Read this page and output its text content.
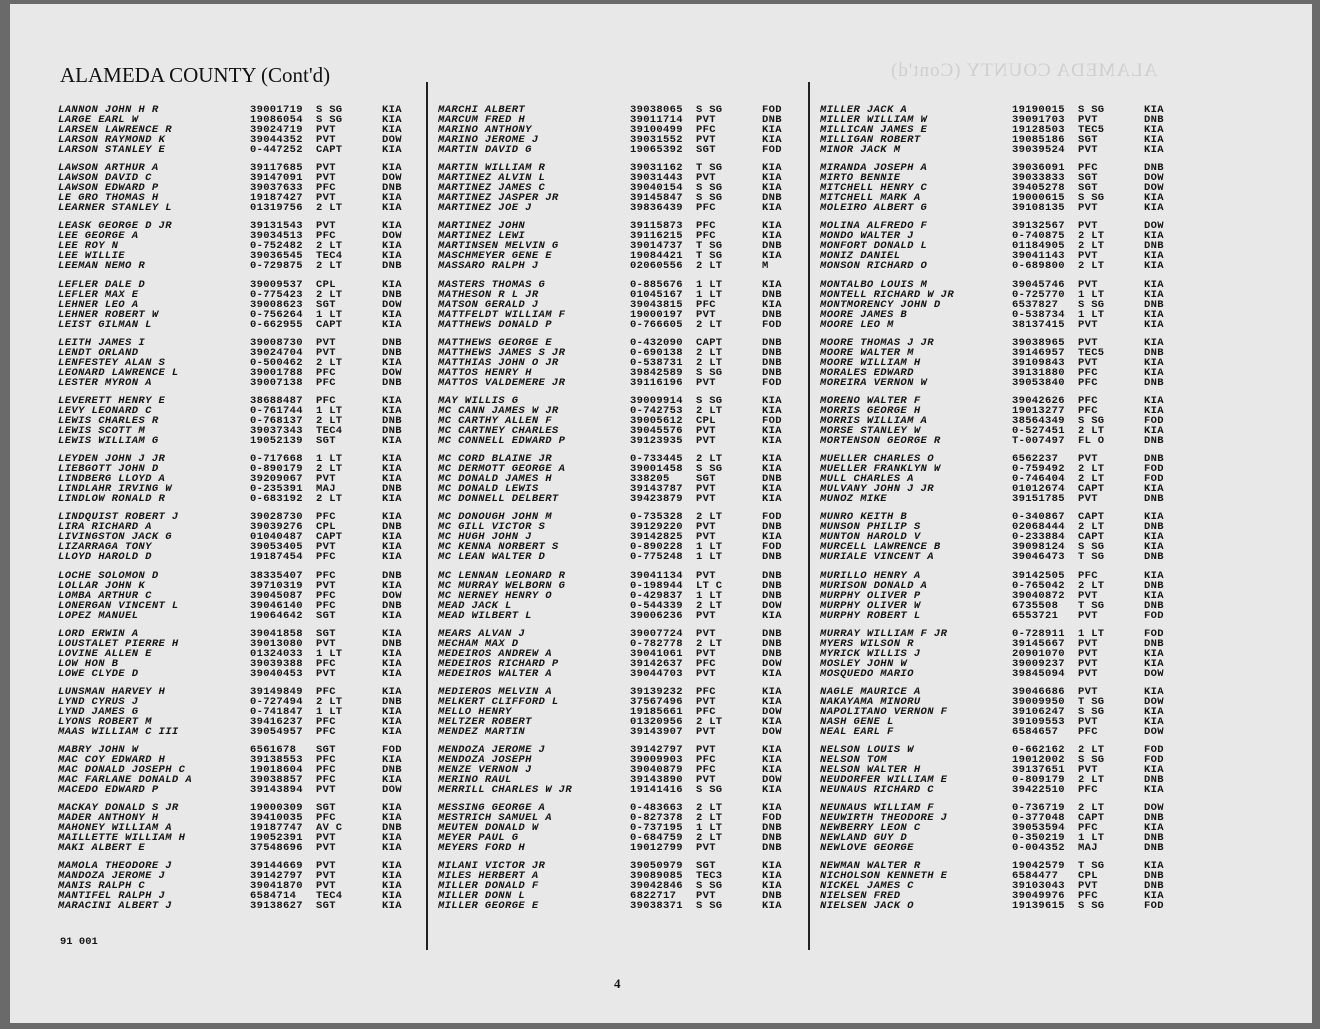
ALAMEDA COUNTY (Cont'd)	ALAMEDA COUNTY (Cont'd)
LANNON JOHN H R	39001719 S SG	KIA
LARGE EARL W	19086054 S SG	KIA
LARSEN LAWRENCE R	39024719 PVT	KIA
LARSON RAYMOND K	39044352 PVT	DOW
LARSON STANLEY E	0-447252 CAPT	KIA
LAWSON ARTHUR A	39117685 PVT	KIA
LAWSON DAVID C	39147091 PVT	DOW
LAWSON EDWARD P	39037633 PFC	DNB
LE GRO THOMAS H	19187427 PVT	KIA
LEARNER STANLEY L	01319756 2 LT	KIA
LEASK GEORGE D JR	39131543 PVT	KIA
LEE GEORGE A	39034513 PFC	DOW
LEE ROY N	0-752482 2 LT	KIA
LEE WILLIE	39036545 TEC4	KIA
LEEMAN NEMO R	0-729875 2 LT	DNB
LEFLER DALE D	39009537 CPL	KIA
LEFLER MAX E	0-775423 2 LT	DNB
LEHNER LEO A	39008623 SGT	DOW
LEHNER ROBERT W	0-756264 1 LT	KIA
LEIST GILMAN L	0-662955 CAPT	KIA
LEITH JAMES I	39008730 PVT	DNB
LENDT ORLAND	39024704 PVT	DNB
LENFESTEY ALAN S	0-500462 2 LT	KIA
LEONARD LAWRENCE L	39001788 PFC	DOW
LESTER MYRON A	39007138 PFC	DNB
LEVERETT HENRY E	38688487 PFC	KIA
LEVY LEONARD C	0-761744 1 LT	KIA
LEWIS CHARLES R	0-768137 2 LT	DNB
LEWIS SCOTT M	39037343 TEC4	DNB
LEWIS WILLIAM G	19052139 SGT	KIA
LEYDEN JOHN J JR	0-717668 1 LT	KIA
LIEBGOTT JOHN D	0-890179 2 LT	KIA
LINDBERG LLOYD A	39209067 PVT	KIA
LINDLAHR IRVING W	0-235391 MAJ	DNB
LINDLOW RONALD R	0-683192 2 LT	KIA
LINDQUIST ROBERT J	39028730 PFC	KIA
LIRA RICHARD A	39039276 CPL	DNB
LIVINGSTON JACK G	01040487 CAPT	KIA
LIZARRAGA TONY	39053405 PVT	KIA
LLOYD HAROLD D	19187454 PFC	KIA
LOCHE SOLOMON D	38335407 PFC	DNB
LOLLAR JOHN K	39710319 PVT	KIA
LOMBA ARTHUR C	39045087 PFC	DOW
LONERGAN VINCENT L	39046140 PFC	DNB
LOPEZ MANUEL	19064642 SGT	KIA
LORD ERWIN A	39041858 SGT	KIA
LOUSTALET PIERRE H	39013080 PVT	DNB
LOVINE ALLEN E	01324033 1 LT	KIA
LOW HON B	39039388 PFC	KIA
LOWE CLYDE D	39040453 PVT	KIA
LUNSMAN HARVEY H	39149849 PFC	KIA
LYND CYRUS J	0-727494 2 LT	DNB
LYND JAMES G	0-741847 1 LT	KIA
LYONS ROBERT M	39416237 PFC	KIA
MAAS WILLIAM C III	39054957 PFC	KIA
MABRY JOHN W	6561678 SGT	FOD
MAC COY EDWARD H	39138553 PFC	KIA
MAC DONALD JOSEPH C	19018604 PFC	DNB
MAC FARLANE DONALD A	39038857 PFC	KIA
MACEDO EDWARD P	39143894 PVT	DOW
MACKAY DONALD S JR	19000309 SGT	KIA
MADER ANTHONY H	39410035 PFC	KIA
MAHONEY WILLIAM A	19187747 AV C	DNB
MAILLETTE WILLIAM H	19052391 PVT	KIA
MAKI ALBERT E	37548696 PVT	KIA
MAMOLA THEODORE J	39144669 PVT	KIA
MANDOZA JEROME J	39142797 PVT	KIA
MANIS RALPH C	39041870 PVT	KIA
MANTIFEL RALPH J	6584714 TEC4	KIA
MARACINI ALBERT J	39138627 SGT	KIA
MARCHI ALBERT	39038065 S SG	FOD
MARCUM FRED H	39011714 PVT	DNB
MARINO ANTHONY	39100499 PFC	KIA
MARINO JEROME J	39031552 PVT	KIA
MARTIN DAVID G	19065392 SGT	FOD
MARTIN WILLIAM R	39031162 T SG	KIA
MARTINEZ ALVIN L	39031443 PVT	KIA
MARTINEZ JAMES C	39040154 S SG	KIA
MARTINEZ JASPER JR	39145847 S SG	DNB
MARTINEZ JOE J	39836439 PFC	KIA
MARTINEZ JOHN	39115873 PFC	KIA
MARTINEZ LEWI	39116215 PFC	KIA
MARTINSEN MELVIN G	39014737 T SG	DNB
MASCHMEYER GENE E	19084421 T SG	KIA
MASSARO RALPH J	02060556 2 LT	M
MASTERS THOMAS G	0-885676 1 LT	KIA
MATHESON R L JR	01045167 1 LT	DNB
MATSON GERALD J	39043815 PFC	KIA
MATTFELDT WILLIAM F	19000197 PVT	DNB
MATTHEWS DONALD P	0-766605 2 LT	FOD
MATTHEWS GEORGE E	0-432090 CAPT	DNB
MATTHEWS JAMES S JR	0-690138 2 LT	DNB
MATTHIAS JOHN O JR	0-538731 2 LT	DNB
MATTOS HENRY H	39842589 S SG	DNB
MATTOS VALDEMERE JR	39116196 PVT	FOD
MAY WILLIS G	39009914 S SG	KIA
MC CANN JAMES W JR	0-742753 2 LT	KIA
MC CARTHY ALLEN F	39005612 CPL	FOD
MC CARTNEY CHARLES	39045576 PVT	KIA
MC CONNELL EDWARD P	39123935 PVT	KIA
MC CORD BLAINE JR	0-733445 2 LT	KIA
MC DERMOTT GEORGE A	39001458 S SG	KIA
MC DONALD JAMES H	338205	SGT	DNB
MC DONALD LEWIS	39143787 PVT	KIA
MC DONNELL DELBERT	39423879 PVT	KIA
MC DONOUGH JOHN M	0-735328 2 LT	FOD
MC GILL VICTOR S	39129220 PVT	DNB
MC HUGH JOHN J	39142825 PVT	KIA
MC KENNA NORBERT S	0-890228 1 LT	FOD
MC LEAN WALTER D	0-775248 1 LT	DNB
MC LENNAN LEONARD R	39041134 PVT	DNB
MC MURRAY WELBORN G	0-198944 LT C	DNB
MC NERNEY HENRY O	0-429837 1 LT	DNB
MEAD JACK L	0-544339 2 LT	DOW
MEAD WILBERT L	39006236 PVT	KIA
MEARS ALVAN J	39007724 PVT	DNB
MECHAM MAX D	0-782778 2 LT	DNB
MEDEIROS ANDREW A	39041061 PVT	DNB
MEDEIROS RICHARD P	39142637 PFC	DOW
MEDEIROS WALTER A	39044703 PVT	KIA
MEDIEROS MELVIN A	39139232 PFC	KIA
MELKERT CLIFFORD L	37567496 PVT	KIA
MELLO HENRY	19185661 PFC	DOW
MELTZER ROBERT	01320956 2 LT	KIA
MENDEZ MARTIN	39143907 PVT	DOW
MENDOZA JEROME J	39142797 PVT	KIA
MENDOZA JOSEPH	39009903 PFC	KIA
MENZE VERNON J	39040879 PFC	KIA
MERINO RAUL	39143890 PVT	DOW
MERRILL CHARLES W JR	19141416 S SG	KIA
MESSING GEORGE A	0-483663 2 LT	KIA
MESTRICH SAMUEL A	0-827378 2 LT	FOD
MEUTEN DONALD W	0-737195 1 LT	DNB
MEYER PAUL G	0-684759 2 LT	DNB
MEYERS FORD H	19012799 PVT	DNB
MILANI VICTOR JR	39050979 SGT	KIA
MILES HERBERT A	39089085 TEC3	KIA
MILLER DONALD F	39042846 S SG	KIA
MILLER DONN L	6822717 PVT	DNB
MILLER GEORGE E	39038371 S SG	KIA
MILLER JACK A	19190015 S SG	KIA
MILLER WILLIAM W	39091703 PVT	DNB
MILLICAN JAMES E	19128503 TEC5	KIA
MILLIGAN ROBERT	19085186 SGT	KIA
MINOR JACK M	39039524 PVT	KIA
MIRANDA JOSEPH A	39036091 PFC	DNB
MIRTO BENNIE	39033833 SGT	DOW
MITCHELL HENRY C	39405278 SGT	DOW
MITCHELL MARK A	19000615 S SG	KIA
MOLEIRO ALBERT G	39108135 PVT	KIA
MOLINA ALFREDO F	39132567 PVT	DOW
MONDO WALTER J	0-740875 2 LT	KIA
MONFORT DONALD L	01184905 2 LT	DNB
MONIZ DANIEL	39041143 PVT	KIA
MONSON RICHARD O	0-689800 2 LT	KIA
MONTALBO LOUIS M	39045746 PVT	KIA
MONTELL RICHARD W JR	0-725770 1 LT	KIA
MONTMORENCY JOHN D	6537827 S SG	DNB
MOORE JAMES B	0-538734 1 LT	KIA
MOORE LEO M	38137415 PVT	KIA
MOORE THOMAS J JR	39038965 PVT	KIA
MOORE WALTER M	39146957 TEC5	DNB
MOORE WILLIAM H	39109843 PVT	KIA
MORALES EDWARD	39131880 PFC	KIA
MOREIRA VERNON W	39053840 PFC	DNB
MORENO WALTER F	39042626 PFC	KIA
MORRIS GEORGE H	19013277 PFC	KIA
MORRIS WILLIAM A	38564349 S SG	FOD
MORSE STANLEY W	0-527451 2 LT	KIA
MORTENSON GEORGE R	T-007497 FL O	DNB
MUELLER CHARLES O	6562237 PVT	DNB
MUELLER FRANKLYN W	0-759492 2 LT	FOD
MULL CHARLES A	0-746404 2 LT	FOD
MULVANY JOHN J JR	01012674 CAPT	KIA
MUNOZ MIKE	39151785 PVT	DNB
MUNRO KEITH B	0-340867 CAPT	KIA
MUNSON PHILIP S	02068444 2 LT	DNB
MUNTON HAROLD V	0-233884 CAPT	KIA
MURCELL LAWRENCE B	39098124 S SG	KIA
MURIALE VINCENT A	39046473 T SG	DNB
MURILLO HENRY A	39142505 PFC	KIA
MURISON DONALD A	0-765042 2 LT	DNB
MURPHY OLIVER P	39040872 PVT	KIA
MURPHY OLIVER W	6735508 T SG	DNB
MURPHY ROBERT L	6553721 PVT	FOD
MURRAY WILLIAM F JR	0-728911 1 LT	FOD
MYERS WILSON R	39145667 PVT	DNB
MYRICK WILLIS J	20901070 PVT	KIA
MOSLEY JOHN W	39009237 PVT	KIA
MOSQUEDO MARIO	39845094 PVT	DOW
NAGLE MAURICE A	39046686 PVT	KIA
NAKAYAMA MINORU	39009950 T SG	DOW
NAPOLITANO VERNON F	39106247 S SG	KIA
NASH GENE L	39109553 PVT	KIA
NEAL EARL F	6584657 PFC	DOW
NELSON LOUIS W	0-662162 2 LT	FOD
NELSON TOM	19012002 S SG	FOD
NELSON WALTER H	39137651 PVT	KIA
NEUDORFER WILLIAM E	0-809179 2 LT	DNB
NEUNAUS RICHARD C	39422510 PFC	KIA
NEUNAUS WILLIAM F	0-736719 2 LT	DOW
NEUWIRTH THEODORE J	0-377048 CAPT	DNB
NEWBERRY LEON C	39053594 PFC	KIA
NEWLAND GUY D	0-350219 1 LT	DNB
NEWLOVE GEORGE	0-004352 MAJ	DNB
NEWMAN WALTER R	19042579 T SG	KIA
NICHOLSON KENNETH E	6584477 CPL	DNB
NICKEL JAMES C	39103043 PVT	DNB
NIELSEN FRED	39049976 PFC	KIA
NIELSEN JACK O	19139615 S SG	FOD
91 001
4
